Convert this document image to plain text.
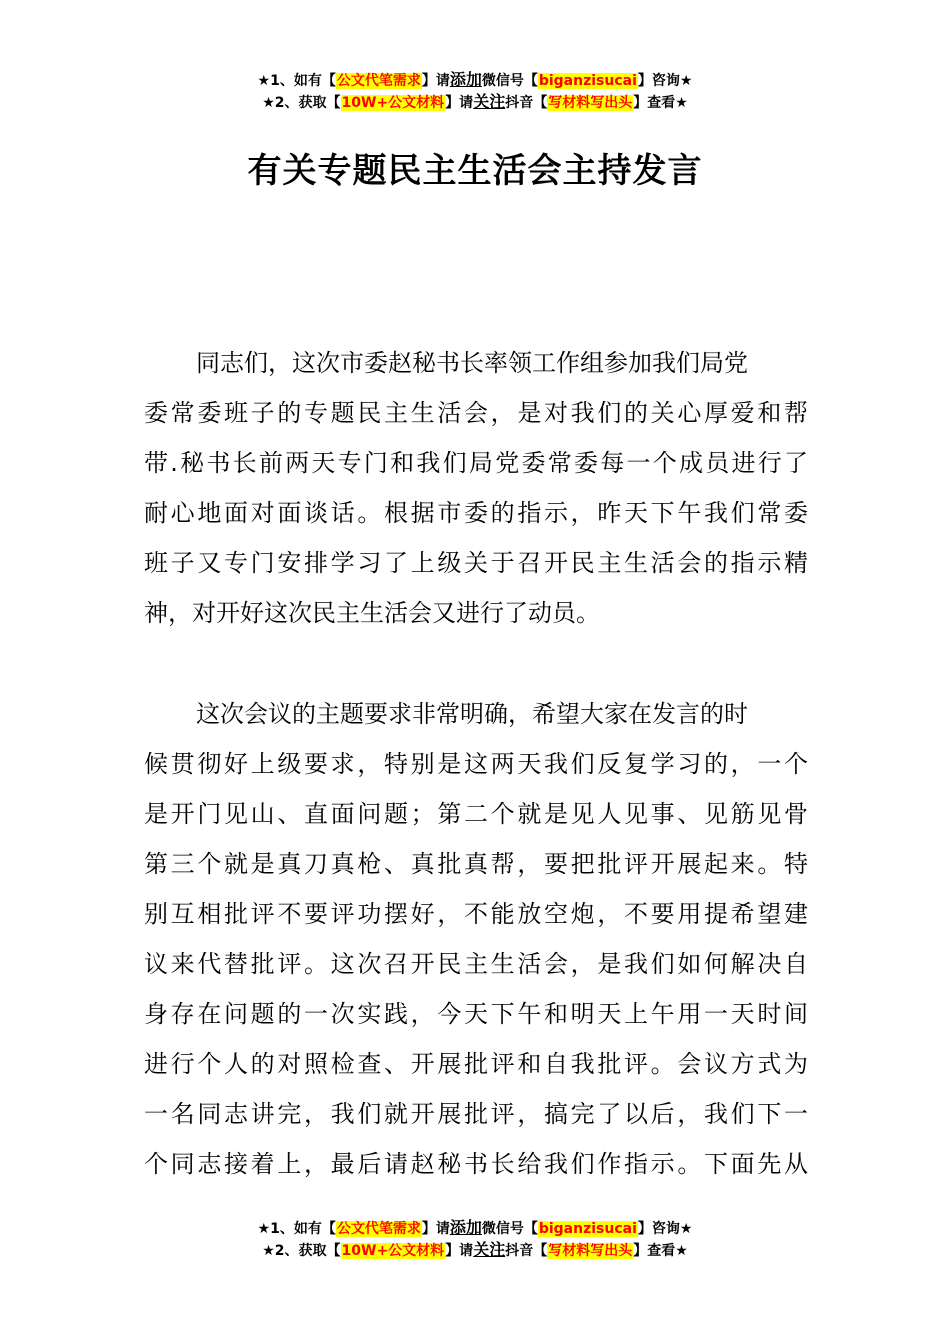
★1、如有【公文代笔需求】请添加微信号【biganzisucai】咨询★
★2、获取【10W+公文材料】请关注抖音【写材料写出头】查看★
有关专题民主生活会主持发言
同志们，这次市委赵秘书长率领工作组参加我们局党
委常委班子的专题民主生活会，是对我们的关心厚爱和帮
带.秘书长前两天专门和我们局党委常委每一个成员进行了
耐心地面对面谈话。根据市委的指示，昨天下午我们常委
班子又专门安排学习了上级关于召开民主生活会的指示精
神，对开好这次民主生活会又进行了动员。
这次会议的主题要求非常明确，希望大家在发言的时
候贯彻好上级要求，特别是这两天我们反复学习的，一个
是开门见山、直面问题；第二个就是见人见事、见筋见骨
第三个就是真刀真枪、真批真帮，要把批评开展起来。特
别互相批评不要评功摆好，不能放空炮，不要用提希望建
议来代替批评。这次召开民主生活会，是我们如何解决自
身存在问题的一次实践，今天下午和明天上午用一天时间
进行个人的对照检查、开展批评和自我批评。会议方式为
一名同志讲完，我们就开展批评，搞完了以后，我们下一
个同志接着上，最后请赵秘书长给我们作指示。下面先从
★1、如有【公文代笔需求】请添加微信号【biganzisucai】咨询★
★2、获取【10W+公文材料】请关注抖音【写材料写出头】查看★
